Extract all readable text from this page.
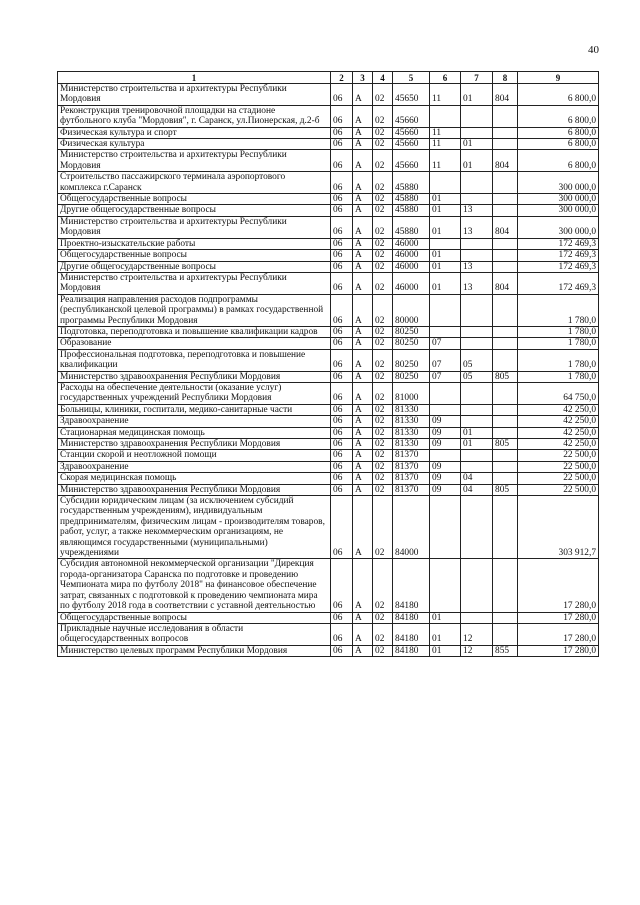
40
1	2	3	4	5	6	7	8	9
Министерство строительства и архитектуры Республики Мордовия	06	А	02	45650	11	01	804	6 800,0
Реконструкция тренировочной площадки на стадионе футбольного клуба "Мордовия", г. Саранск, ул.Пионерская, д.2-б	06	А	02	45660				6 800,0
Физическая культура и спорт	06	А	02	45660	11			6 800,0
Физическая культура	06	А	02	45660	11	01		6 800,0
Министерство строительства и архитектуры Республики Мордовия	06	А	02	45660	11	01	804	6 800,0
Строительство пассажирского терминала аэропортового комплекса г.Саранск	06	А	02	45880				300 000,0
Общегосударственные вопросы	06	А	02	45880	01			300 000,0
Другие общегосударственные вопросы	06	А	02	45880	01	13		300 000,0
Министерство строительства и архитектуры Республики Мордовия	06	А	02	45880	01	13	804	300 000,0
Проектно-изыскательские работы	06	А	02	46000				172 469,3
Общегосударственные вопросы	06	А	02	46000	01			172 469,3
Другие общегосударственные вопросы	06	А	02	46000	01	13		172 469,3
Министерство строительства и архитектуры Республики Мордовия	06	А	02	46000	01	13	804	172 469,3
Реализация направления расходов подпрограммы (республиканской целевой программы) в рамках государственной программы Республики Мордовия	06	А	02	80000				1 780,0
Подготовка, переподготовка и повышение квалификации кадров	06	А	02	80250				1 780,0
Образование	06	А	02	80250	07			1 780,0
Профессиональная подготовка, переподготовка и повышение квалификации	06	А	02	80250	07	05		1 780,0
Министерство здравоохранения Республики Мордовия	06	А	02	80250	07	05	805	1 780,0
Расходы на обеспечение деятельности (оказание услуг) государственных учреждений Республики Мордовия	06	А	02	81000				64 750,0
Больницы, клиники, госпитали, медико-санитарные части	06	А	02	81330				42 250,0
Здравоохранение	06	А	02	81330	09			42 250,0
Стационарная медицинская помощь	06	А	02	81330	09	01		42 250,0
Министерство здравоохранения Республики Мордовия	06	А	02	81330	09	01	805	42 250,0
Станции скорой и неотложной помощи	06	А	02	81370				22 500,0
Здравоохранение	06	А	02	81370	09			22 500,0
Скорая медицинская помощь	06	А	02	81370	09	04		22 500,0
Министерство здравоохранения Республики Мордовия	06	А	02	81370	09	04	805	22 500,0
Субсидии юридическим лицам (за исключением субсидий государственным учреждениям), индивидуальным предпринимателям, физическим лицам - производителям товаров, работ, услуг, а также некоммерческим организациям, не являющимся государственными (муниципальными) учреждениями	06	А	02	84000				303 912,7
Субсидия автономной некоммерческой организации "Дирекция города-организатора Саранска по подготовке и проведению Чемпионата мира по футболу 2018" на финансовое обеспечение затрат, связанных с подготовкой к проведению чемпионата мира по футболу 2018 года в соответствии с уставной деятельностью	06	А	02	84180				17 280,0
Общегосударственные вопросы	06	А	02	84180	01			17 280,0
Прикладные научные исследования в области общегосударственных вопросов	06	А	02	84180	01	12		17 280,0
Министерство целевых программ Республики Мордовия	06	А	02	84180	01	12	855	17 280,0
